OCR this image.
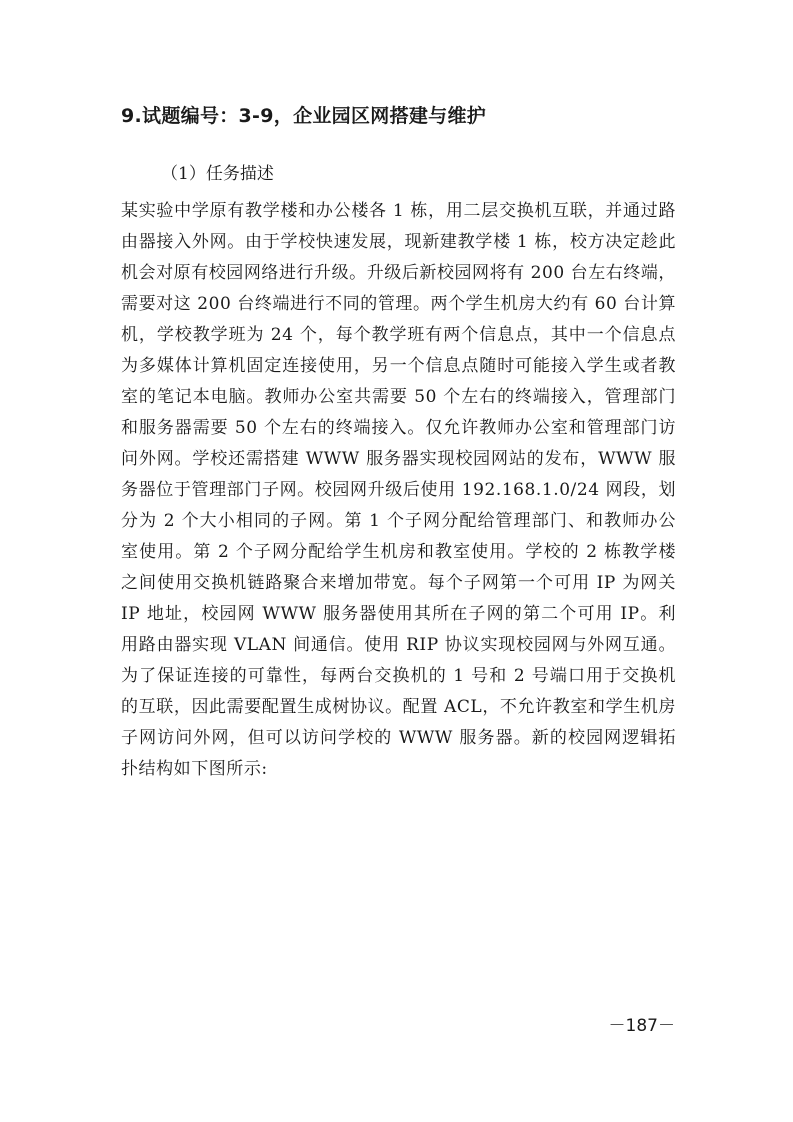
9.试题编号：3-9，企业园区网搭建与维护
（1）任务描述

某实验中学原有教学楼和办公楼各 1 栋，用二层交换机互联，并通过路由器接入外网。由于学校快速发展，现新建教学楼 1 栋，校方决定趁此机会对原有校园网络进行升级。升级后新校园网将有 200 台左右终端，需要对这 200 台终端进行不同的管理。两个学生机房大约有 60 台计算机，学校教学班为 24 个，每个教学班有两个信息点，其中一个信息点为多媒体计算机固定连接使用，另一个信息点随时可能接入学生或者教室的笔记本电脑。教师办公室共需要 50 个左右的终端接入，管理部门和服务器需要 50 个左右的终端接入。仅允许教师办公室和管理部门访问外网。学校还需搭建 WWW 服务器实现校园网站的发布，WWW 服务器位于管理部门子网。校园网升级后使用 192.168.1.0/24 网段，划分为 2 个大小相同的子网。第 1 个子网分配给管理部门、和教师办公室使用。第 2 个子网分配给学生机房和教室使用。学校的 2 栋教学楼之间使用交换机链路聚合来增加带宽。每个子网第一个可用 IP 为网关 IP 地址，校园网 WWW 服务器使用其所在子网的第二个可用 IP。利用路由器实现 VLAN 间通信。使用 RIP 协议实现校园网与外网互通。为了保证连接的可靠性，每两台交换机的 1 号和 2 号端口用于交换机的互联，因此需要配置生成树协议。配置 ACL，不允许教室和学生机房子网访问外网，但可以访问学校的 WWW 服务器。新的校园网逻辑拓扑结构如下图所示:

－187－
